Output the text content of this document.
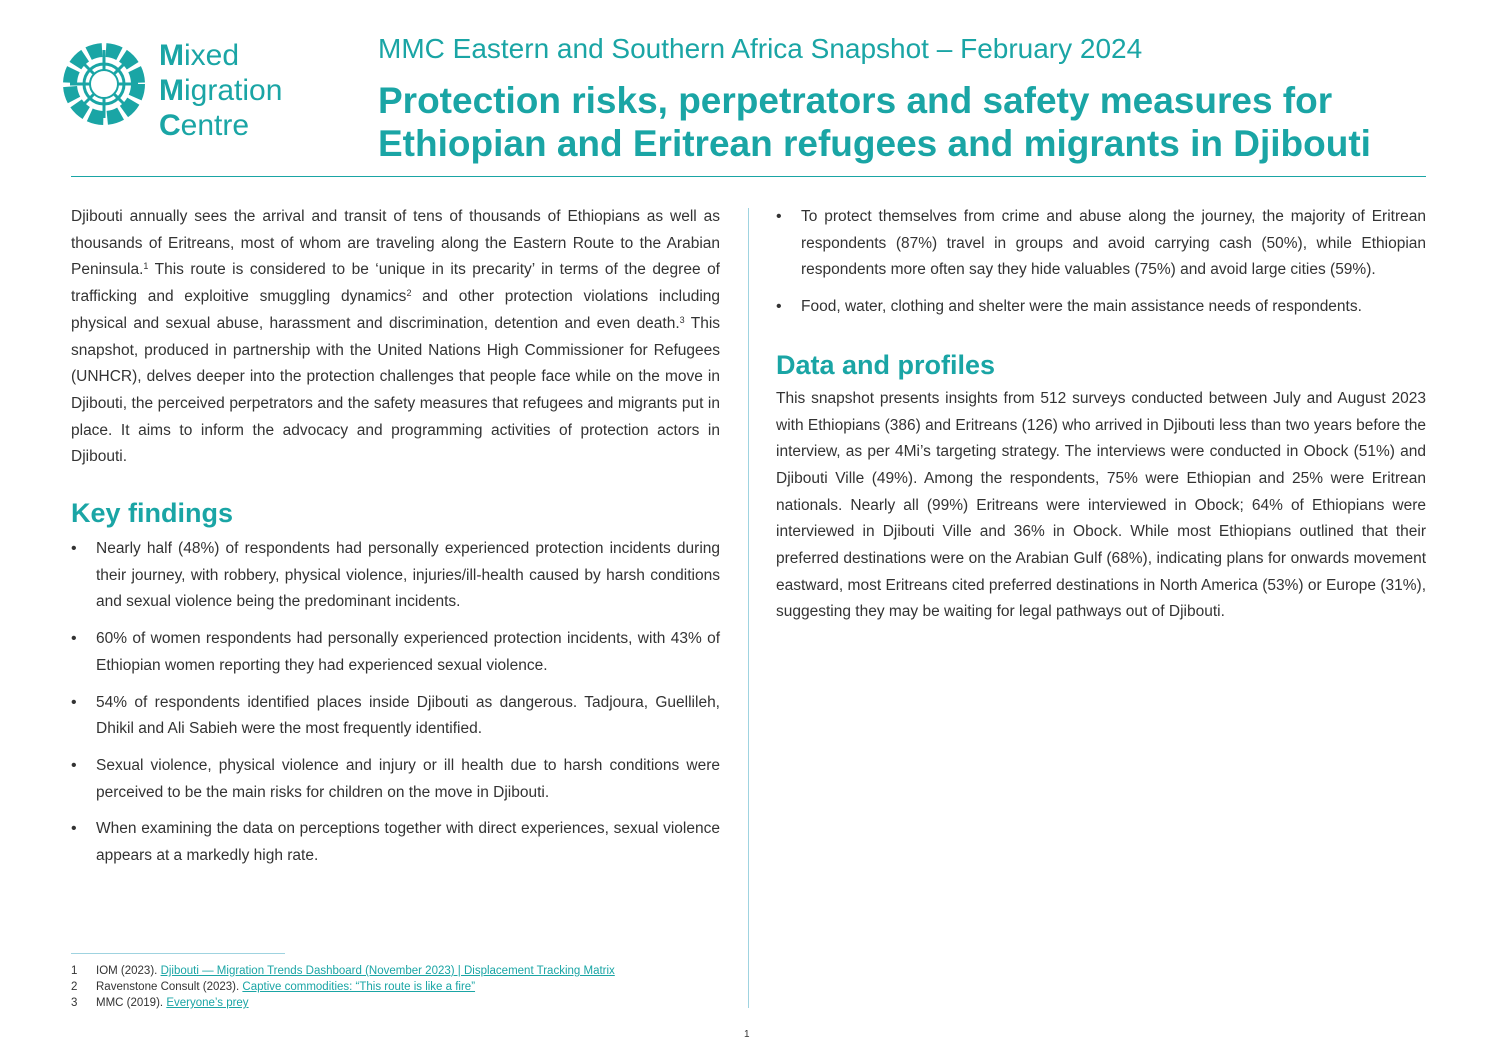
Mixed
Migration
Centre
MMC Eastern and Southern Africa Snapshot – February 2024
Protection risks, perpetrators and safety measures for Ethiopian and Eritrean refugees and migrants in Djibouti

Djibouti annually sees the arrival and transit of tens of thousands of Ethiopians as well as thousands of Eritreans, most of whom are traveling along the Eastern Route to the Arabian Peninsula.$^1$ This route is considered to be ‘unique in its precarity’ in terms of the degree of trafficking and exploitive smuggling dynamics$^2$ and other protection violations including physical and sexual abuse, harassment and discrimination, detention and even death.$^3$ This snapshot, produced in partnership with the United Nations High Commissioner for Refugees (UNHCR), delves deeper into the protection challenges that people face while on the move in Djibouti, the perceived perpetrators and the safety measures that refugees and migrants put in place. It aims to inform the advocacy and programming activities of protection actors in Djibouti.

Key findings
• Nearly half (48%) of respondents had personally experienced protection incidents during their journey, with robbery, physical violence, injuries/ill-health caused by harsh conditions and sexual violence being the predominant incidents.
• 60% of women respondents had personally experienced protection incidents, with 43% of Ethiopian women reporting they had experienced sexual violence.
• 54% of respondents identified places inside Djibouti as dangerous. Tadjoura, Guellileh, Dhikil and Ali Sabieh were the most frequently identified.
• Sexual violence, physical violence and injury or ill health due to harsh conditions were perceived to be the main risks for children on the move in Djibouti.
• When examining the data on perceptions together with direct experiences, sexual violence appears at a markedly high rate.
• To protect themselves from crime and abuse along the journey, the majority of Eritrean respondents (87%) travel in groups and avoid carrying cash (50%), while Ethiopian respondents more often say they hide valuables (75%) and avoid large cities (59%).
• Food, water, clothing and shelter were the main assistance needs of respondents.
Data and profiles

This snapshot presents insights from 512 surveys conducted between July and August 2023 with Ethiopians (386) and Eritreans (126) who arrived in Djibouti less than two years before the interview, as per 4Mi’s targeting strategy. The interviews were conducted in Obock (51%) and Djibouti Ville (49%). Among the respondents, 75% were Ethiopian and 25% were Eritrean nationals. Nearly all (99%) Eritreans were interviewed in Obock; 64% of Ethiopians were interviewed in Djibouti Ville and 36% in Obock. While most Ethiopians outlined that their preferred destinations were on the Arabian Gulf (68%), indicating plans for onwards movement eastward, most Eritreans cited preferred destinations in North America (53%) or Europe (31%), suggesting they may be waiting for legal pathways out of Djibouti.

1	IOM (2023).
Djibouti — Migration Trends Dashboard (November 2023) | Displacement Tracking Matrix
2	Ravenstone Consult (2023).
Captive commodities: “This route is like a fire”
3	MMC (2019).
Everyone’s prey
1
